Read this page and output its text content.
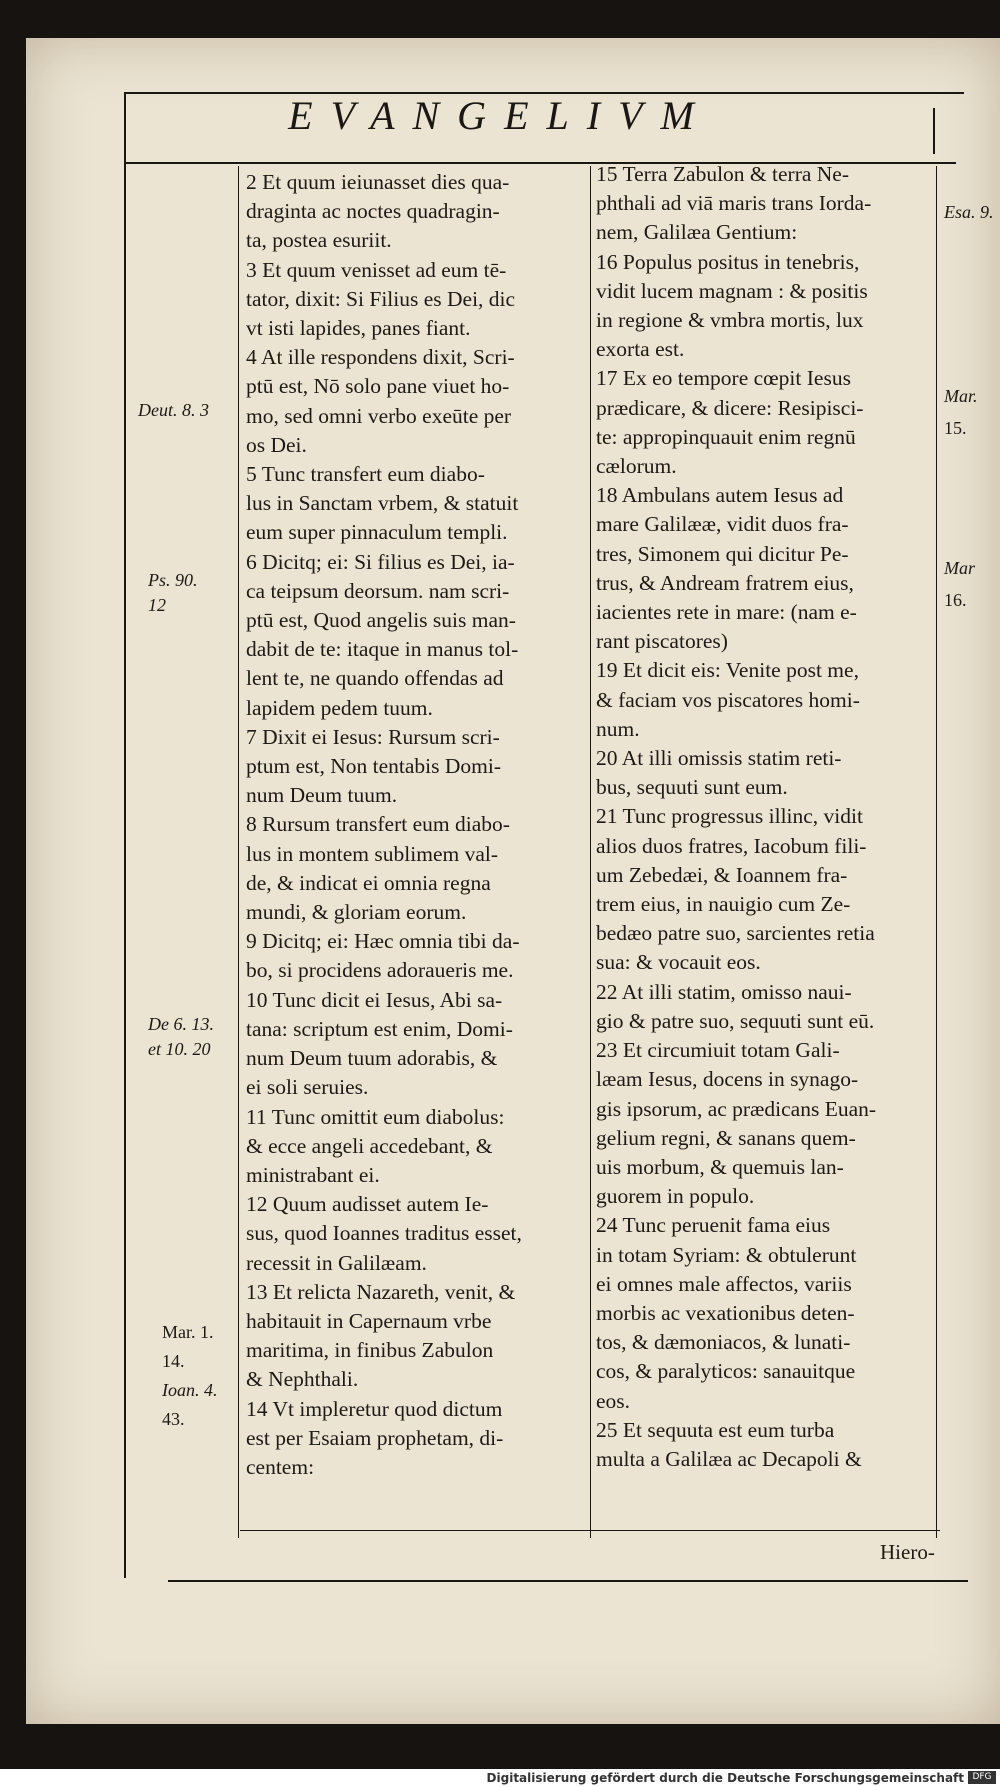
EVANGELIVM
Deut. 8. 3
Ps. 90.
12
De 6. 13.
et 10. 20
Mar. 1.
14.
Ioan. 4.
43.
Esa. 9.
Mar.
15.
Mar
16.

2 Et quum ieiunasset dies qua-
draginta ac noctes quadragin-
ta, postea esuriit.

3 Et quum venisset ad eum tē-
tator, dixit: Si Filius es Dei, dic
vt isti lapides, panes fiant.

4 At ille respondens dixit, Scri-
ptū est, Nō solo pane viuet ho-
mo, sed omni verbo exeūte per
os Dei.

5 Tunc transfert eum diabo-
lus in Sanctam vrbem, & statuit
eum super pinnaculum templi.

6 Dicitq; ei: Si filius es Dei, ia-
ca teipsum deorsum. nam scri-
ptū est, Quod angelis suis man-
dabit de te: itaque in manus tol-
lent te, ne quando offendas ad
lapidem pedem tuum.

7 Dixit ei Iesus: Rursum scri-
ptum est, Non tentabis Domi-
num Deum tuum.

8 Rursum transfert eum diabo-
lus in montem sublimem val-
de, & indicat ei omnia regna
mundi, & gloriam eorum.

9 Dicitq; ei: Hæc omnia tibi da-
bo, si procidens adoraueris me.

10 Tunc dicit ei Iesus, Abi sa-
tana: scriptum est enim, Domi-
num Deum tuum adorabis, &
ei soli seruies.

11 Tunc omittit eum diabolus:
& ecce angeli accedebant, &
ministrabant ei.

12 Quum audisset autem Ie-
sus, quod Ioannes traditus esset,
recessit in Galilæam.

13 Et relicta Nazareth, venit, &
habitauit in Capernaum vrbe
maritima, in finibus Zabulon
& Nephthali.

14 Vt impleretur quod dictum
est per Esaiam prophetam, di-
centem:

15 Terra Zabulon & terra Ne-
phthali ad viā maris trans Iorda-
nem, Galilæa Gentium:

16 Populus positus in tenebris,
vidit lucem magnam : & positis
in regione & vmbra mortis, lux
exorta est.

17 Ex eo tempore cœpit Iesus
prædicare, & dicere: Resipisci-
te: appropinquauit enim regnū
cælorum.

18 Ambulans autem Iesus ad
mare Galilææ, vidit duos fra-
tres, Simonem qui dicitur Pe-
trus, & Andream fratrem eius,
iacientes rete in mare: (nam e-
rant piscatores)

19 Et dicit eis: Venite post me,
& faciam vos piscatores homi-
num.

20 At illi omissis statim reti-
bus, sequuti sunt eum.

21 Tunc progressus illinc, vidit
alios duos fratres, Iacobum fili-
um Zebedæi, & Ioannem fra-
trem eius, in nauigio cum Ze-
bedæo patre suo, sarcientes retia
sua: & vocauit eos.

22 At illi statim, omisso naui-
gio & patre suo, sequuti sunt eū.

23 Et circumiuit totam Gali-
læam Iesus, docens in synago-
gis ipsorum, ac prædicans Euan-
gelium regni, & sanans quem-
uis morbum, & quemuis lan-
guorem in populo.

24 Tunc peruenit fama eius
in totam Syriam: & obtulerunt
ei omnes male affectos, variis
morbis ac vexationibus deten-
tos, & dæmoniacos, & lunati-
cos, & paralyticos: sanauitque
eos.

25 Et sequuta est eum turba
multa a Galilæa ac Decapoli &

Hiero-
Digitalisierung gefördert durch die Deutsche Forschungsgemeinschaft DFG
